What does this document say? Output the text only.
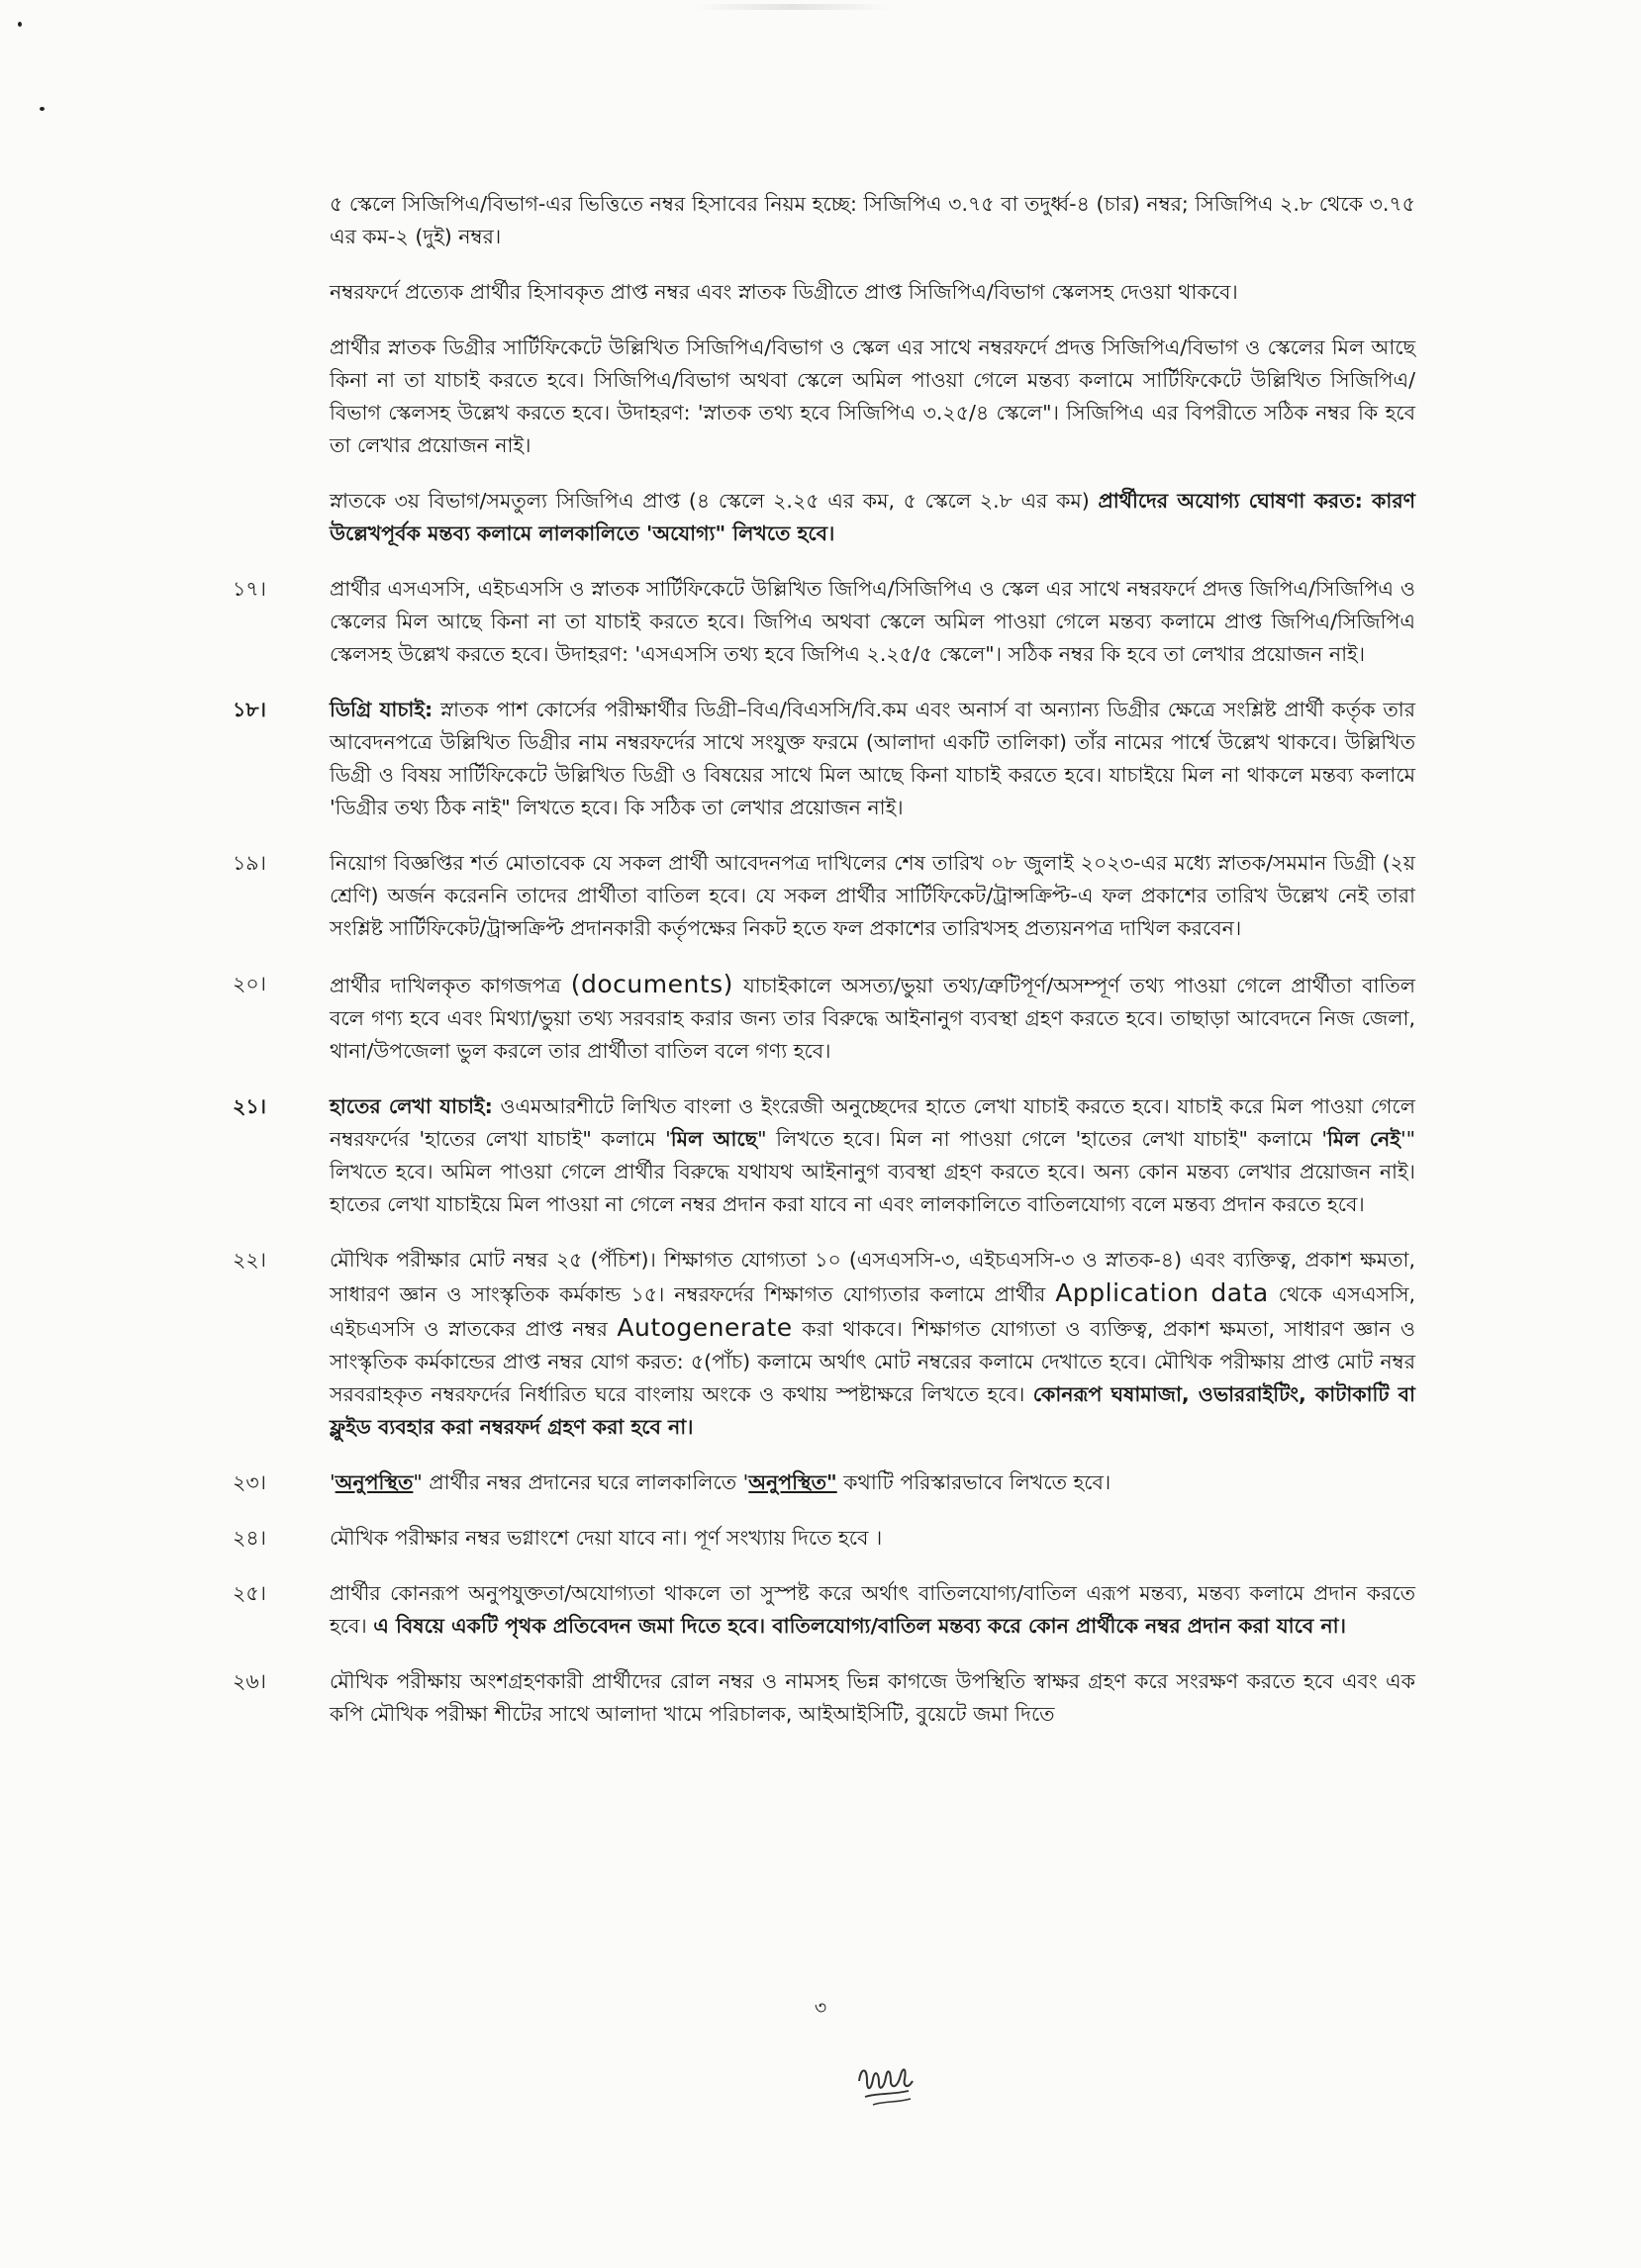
৫ স্কেলে সিজিপিএ/বিভাগ-এর ভিত্তিতে নম্বর হিসাবের নিয়ম হচ্ছে: সিজিপিএ ৩.৭৫ বা তদুর্ধ্ব-৪ (চার) নম্বর; সিজিপিএ ২.৮ থেকে ৩.৭৫ এর কম-২ (দুই) নম্বর।
নম্বরফর্দে প্রত্যেক প্রার্থীর হিসাবকৃত প্রাপ্ত নম্বর এবং স্নাতক ডিগ্রীতে প্রাপ্ত সিজিপিএ/বিভাগ স্কেলসহ দেওয়া থাকবে।
প্রার্থীর স্নাতক ডিগ্রীর সার্টিফিকেটে উল্লিখিত সিজিপিএ/বিভাগ ও স্কেল এর সাথে নম্বরফর্দে প্রদত্ত সিজিপিএ/বিভাগ ও স্কেলের মিল আছে কিনা না তা যাচাই করতে হবে। সিজিপিএ/বিভাগ অথবা স্কেলে অমিল পাওয়া গেলে মন্তব্য কলামে সার্টিফিকেটে উল্লিখিত সিজিপিএ/বিভাগ স্কেলসহ উল্লেখ করতে হবে। উদাহরণ: 'স্নাতক তথ্য হবে সিজিপিএ ৩.২৫/৪ স্কেলে"। সিজিপিএ এর বিপরীতে সঠিক নম্বর কি হবে তা লেখার প্রয়োজন নাই।
স্নাতকে ৩য় বিভাগ/সমতুল্য সিজিপিএ প্রাপ্ত (৪ স্কেলে ২.২৫ এর কম, ৫ স্কেলে ২.৮ এর কম) প্রার্থীদের অযোগ্য ঘোষণা করত: কারণ উল্লেখপূর্বক মন্তব্য কলামে লালকালিতে 'অযোগ্য" লিখতে হবে।
১৭।	প্রার্থীর এসএসসি, এইচএসসি ও স্নাতক সার্টিফিকেটে উল্লিখিত জিপিএ/সিজিপিএ ও স্কেল এর সাথে নম্বরফর্দে প্রদত্ত জিপিএ/সিজিপিএ ও স্কেলের মিল আছে কিনা না তা যাচাই করতে হবে। জিপিএ অথবা স্কেলে অমিল পাওয়া গেলে মন্তব্য কলামে প্রাপ্ত জিপিএ/সিজিপিএ স্কেলসহ উল্লেখ করতে হবে। উদাহরণ: 'এসএসসি তথ্য হবে জিপিএ ২.২৫/৫ স্কেলে"। সঠিক নম্বর কি হবে তা লেখার প্রয়োজন নাই।
১৮।	ডিগ্রি যাচাই: স্নাতক পাশ কোর্সের পরীক্ষার্থীর ডিগ্রী–বিএ/বিএসসি/বি.কম এবং অনার্স বা অন্যান্য ডিগ্রীর ক্ষেত্রে সংশ্লিষ্ট প্রার্থী কর্তৃক তার আবেদনপত্রে উল্লিখিত ডিগ্রীর নাম নম্বরফর্দের সাথে সংযুক্ত ফরমে (আলাদা একটি তালিকা) তাঁর নামের পার্শ্বে উল্লেখ থাকবে। উল্লিখিত ডিগ্রী ও বিষয় সার্টিফিকেটে উল্লিখিত ডিগ্রী ও বিষয়ের সাথে মিল আছে কিনা যাচাই করতে হবে। যাচাইয়ে মিল না থাকলে মন্তব্য কলামে 'ডিগ্রীর তথ্য ঠিক নাই" লিখতে হবে। কি সঠিক তা লেখার প্রয়োজন নাই।
১৯।	নিয়োগ বিজ্ঞপ্তির শর্ত মোতাবেক যে সকল প্রার্থী আবেদনপত্র দাখিলের শেষ তারিখ ০৮ জুলাই ২০২৩-এর মধ্যে স্নাতক/সমমান ডিগ্রী (২য় শ্রেণি) অর্জন করেননি তাদের প্রার্থীতা বাতিল হবে। যে সকল প্রার্থীর সার্টিফিকেট/ট্রান্সক্রিপ্ট-এ ফল প্রকাশের তারিখ উল্লেখ নেই তারা সংশ্লিষ্ট সার্টিফিকেট/ট্রান্সক্রিপ্ট প্রদানকারী কর্তৃপক্ষের নিকট হতে ফল প্রকাশের তারিখসহ প্রত্যয়নপত্র দাখিল করবেন।
২০।	প্রার্থীর দাখিলকৃত কাগজপত্র (documents) যাচাইকালে অসত্য/ভুয়া তথ্য/ত্রুটিপূর্ণ/অসম্পূর্ণ তথ্য পাওয়া গেলে প্রার্থীতা বাতিল বলে গণ্য হবে এবং মিথ্যা/ভুয়া তথ্য সরবরাহ করার জন্য তার বিরুদ্ধে আইনানুগ ব্যবস্থা গ্রহণ করতে হবে। তাছাড়া আবেদনে নিজ জেলা, থানা/উপজেলা ভুল করলে তার প্রার্থীতা বাতিল বলে গণ্য হবে।
২১।	হাতের লেখা যাচাই: ওএমআরশীটে লিখিত বাংলা ও ইংরেজী অনুচ্ছেদের হাতে লেখা যাচাই করতে হবে। যাচাই করে মিল পাওয়া গেলে নম্বরফর্দের 'হাতের লেখা যাচাই" কলামে 'মিল আছে" লিখতে হবে। মিল না পাওয়া গেলে 'হাতের লেখা যাচাই" কলামে 'মিল নেই'" লিখতে হবে। অমিল পাওয়া গেলে প্রার্থীর বিরুদ্ধে যথাযথ আইনানুগ ব্যবস্থা গ্রহণ করতে হবে। অন্য কোন মন্তব্য লেখার প্রয়োজন নাই। হাতের লেখা যাচাইয়ে মিল পাওয়া না গেলে নম্বর প্রদান করা যাবে না এবং লালকালিতে বাতিলযোগ্য বলে মন্তব্য প্রদান করতে হবে।
২২।	মৌখিক পরীক্ষার মোট নম্বর ২৫ (পঁচিশ)। শিক্ষাগত যোগ্যতা ১০ (এসএসসি-৩, এইচএসসি-৩ ও স্নাতক-৪) এবং ব্যক্তিত্ব, প্রকাশ ক্ষমতা, সাধারণ জ্ঞান ও সাংস্কৃতিক কর্মকান্ড ১৫। নম্বরফর্দের শিক্ষাগত যোগ্যতার কলামে প্রার্থীর Application data থেকে এসএসসি, এইচএসসি ও স্নাতকের প্রাপ্ত নম্বর Autogenerate করা থাকবে। শিক্ষাগত যোগ্যতা ও ব্যক্তিত্ব, প্রকাশ ক্ষমতা, সাধারণ জ্ঞান ও সাংস্কৃতিক কর্মকান্ডের প্রাপ্ত নম্বর যোগ করত: ৫(পাঁচ) কলামে অর্থাৎ মোট নম্বরের কলামে দেখাতে হবে। মৌখিক পরীক্ষায় প্রাপ্ত মোট নম্বর সরবরাহকৃত নম্বরফর্দের নির্ধারিত ঘরে বাংলায় অংকে ও কথায় স্পষ্টাক্ষরে লিখতে হবে। কোনরূপ ঘষামাজা, ওভাররাইটিং, কাটাকাটি বা ফ্লুইড ব্যবহার করা নম্বরফর্দ গ্রহণ করা হবে না।
২৩।	'অনুপস্থিত" প্রার্থীর নম্বর প্রদানের ঘরে লালকালিতে 'অনুপস্থিত" কথাটি পরিস্কারভাবে লিখতে হবে।
২৪।	মৌখিক পরীক্ষার নম্বর ভগ্নাংশে দেয়া যাবে না। পূর্ণ সংখ্যায় দিতে হবে ।
২৫।	প্রার্থীর কোনরূপ অনুপযুক্ততা/অযোগ্যতা থাকলে তা সুস্পষ্ট করে অর্থাৎ বাতিলযোগ্য/বাতিল এরূপ মন্তব্য, মন্তব্য কলামে প্রদান করতে হবে। এ বিষয়ে একটি পৃথক প্রতিবেদন জমা দিতে হবে। বাতিলযোগ্য/বাতিল মন্তব্য করে কোন প্রার্থীকে নম্বর প্রদান করা যাবে না।
২৬।	মৌখিক পরীক্ষায় অংশগ্রহণকারী প্রার্থীদের রোল নম্বর ও নামসহ ভিন্ন কাগজে উপস্থিতি স্বাক্ষর গ্রহণ করে সংরক্ষণ করতে হবে এবং এক কপি মৌখিক পরীক্ষা শীটের সাথে আলাদা খামে পরিচালক, আইআইসিটি, বুয়েটে জমা দিতে
৩
